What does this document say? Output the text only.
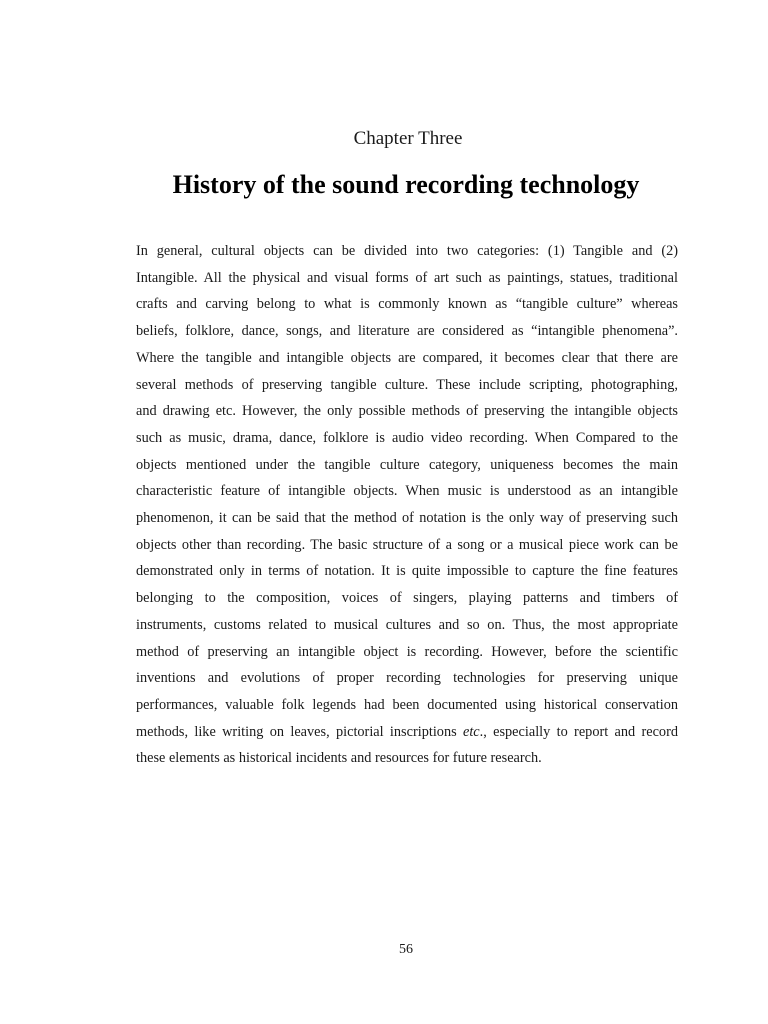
Chapter Three
History of the sound recording technology

In general, cultural objects can be divided into two categories: (1) Tangible and (2)
Intangible. All the physical and visual forms of art such as paintings, statues, traditional
crafts and carving belong to what is commonly known as “tangible culture” whereas
beliefs, folklore, dance, songs, and literature are considered as “intangible phenomena”.
Where the tangible and intangible objects are compared, it becomes clear that there are
several methods of preserving tangible culture. These include scripting, photographing,
and drawing etc. However, the only possible methods of preserving the intangible objects
such as music, drama, dance, folklore is audio video recording. When Compared to the
objects mentioned under the tangible culture category, uniqueness becomes the main
characteristic feature of intangible objects. When music is understood as an intangible
phenomenon, it can be said that the method of notation is the only way of preserving such
objects other than recording. The basic structure of a song or a musical piece work can be
demonstrated only in terms of notation. It is quite impossible to capture the fine features
belonging to the composition, voices of singers, playing patterns and timbers of
instruments, customs related to musical cultures and so on. Thus, the most appropriate
method of preserving an intangible object is recording. However, before the scientific
inventions and evolutions of proper recording technologies for preserving unique
performances, valuable folk legends had been documented using historical conservation
methods, like writing on leaves, pictorial inscriptions etc., especially to report and record
these elements as historical incidents and resources for future research.

56
